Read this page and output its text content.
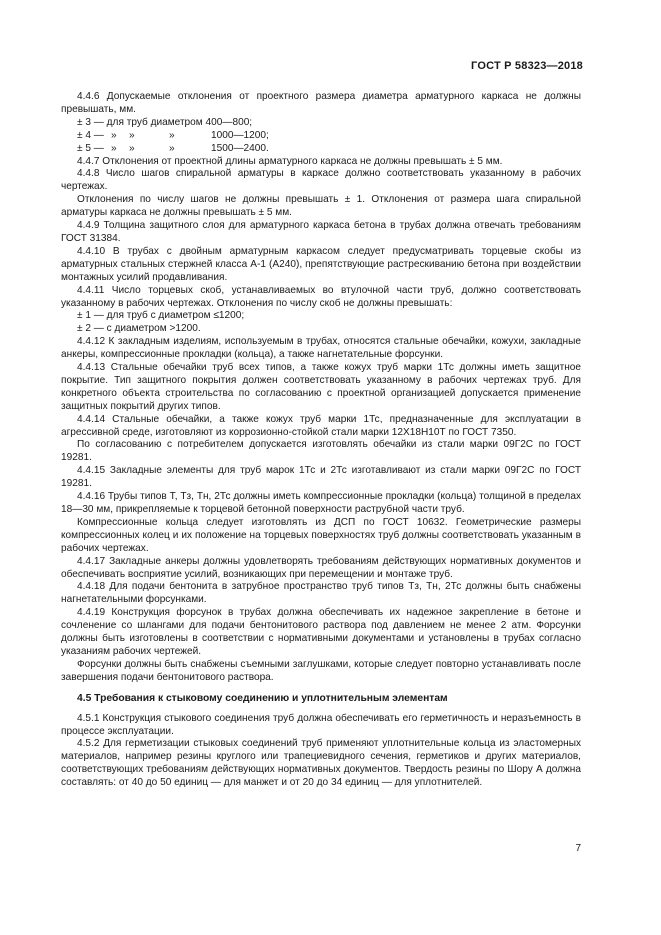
ГОСТ Р 58323—2018

4.4.6 Допускаемые отклонения от проектного размера диаметра арматурного каркаса не должны превышать, мм.

± 3 — для труб диаметром 400—800;

± 4 — »	»	»	1000—1200;
± 5 — »	»	»	1500—2400.

4.4.7 Отклонения от проектной длины арматурного каркаса не должны превышать ± 5 мм.

4.4.8 Число шагов спиральной арматуры в каркасе должно соответствовать указанному в рабочих чертежах.

Отклонения по числу шагов не должны превышать ± 1. Отклонения от размера шага спиральной арматуры каркаса не должны превышать ± 5 мм.

4.4.9 Толщина защитного слоя для арматурного каркаса бетона в трубах должна отвечать требованиям ГОСТ 31384.

4.4.10 В трубах с двойным арматурным каркасом следует предусматривать торцевые скобы из арматурных стальных стержней класса А-1 (А240), препятствующие растрескиванию бетона при воздействии монтажных усилий продавливания.

4.4.11 Число торцевых скоб, устанавливаемых во втулочной части труб, должно соответствовать указанному в рабочих чертежах. Отклонения по числу скоб не должны превышать:

± 1 — для труб с диаметром ≤1200;

± 2 — с диаметром >1200.

4.4.12 К закладным изделиям, используемым в трубах, относятся стальные обечайки, кожухи, закладные анкеры, компрессионные прокладки (кольца), а также нагнетательные форсунки.

4.4.13 Стальные обечайки труб всех типов, а также кожух труб марки 1Тс должны иметь защитное покрытие. Тип защитного покрытия должен соответствовать указанному в рабочих чертежах труб. Для конкретного объекта строительства по согласованию с проектной организацией допускается применение защитных покрытий других типов.

4.4.14 Стальные обечайки, а также кожух труб марки 1Тс, предназначенные для эксплуатации в агрессивной среде, изготовляют из коррозионно-стойкой стали марки 12Х18Н10Т по ГОСТ 7350.

По согласованию с потребителем допускается изготовлять обечайки из стали марки 09Г2С по ГОСТ 19281.

4.4.15 Закладные элементы для труб марок 1Тс и 2Тс изготавливают из стали марки 09Г2С по ГОСТ 19281.

4.4.16 Трубы типов Т, Тз, Тн, 2Тс должны иметь компрессионные прокладки (кольца) толщиной в пределах 18—30 мм, прикрепляемые к торцевой бетонной поверхности раструбной части труб.

Компрессионные кольца следует изготовлять из ДСП по ГОСТ 10632. Геометрические размеры компрессионных колец и их положение на торцевых поверхностях труб должны соответствовать указанным в рабочих чертежах.

4.4.17 Закладные анкеры должны удовлетворять требованиям действующих нормативных документов и обеспечивать восприятие усилий, возникающих при перемещении и монтаже труб.

4.4.18 Для подачи бентонита в затрубное пространство труб типов Тз, Тн, 2Тс должны быть снабжены нагнетательными форсунками.

4.4.19 Конструкция форсунок в трубах должна обеспечивать их надежное закрепление в бетоне и сочленение со шлангами для подачи бентонитового раствора под давлением не менее 2 атм. Форсунки должны быть изготовлены в соответствии с нормативными документами и установлены в трубах согласно указаниям рабочих чертежей.

Форсунки должны быть снабжены съемными заглушками, которые следует повторно устанавливать после завершения подачи бентонитового раствора.

4.5 Требования к стыковому соединению и уплотнительным элементам

4.5.1 Конструкция стыкового соединения труб должна обеспечивать его герметичность и неразъемность в процессе эксплуатации.

4.5.2 Для герметизации стыковых соединений труб применяют уплотнительные кольца из эластомерных материалов, например резины круглого или трапециевидного сечения, герметиков и других материалов, соответствующих требованиям действующих нормативных документов. Твердость резины по Шору А должна составлять: от 40 до 50 единиц — для манжет и от 20 до 34 единиц — для уплотнителей.

7
